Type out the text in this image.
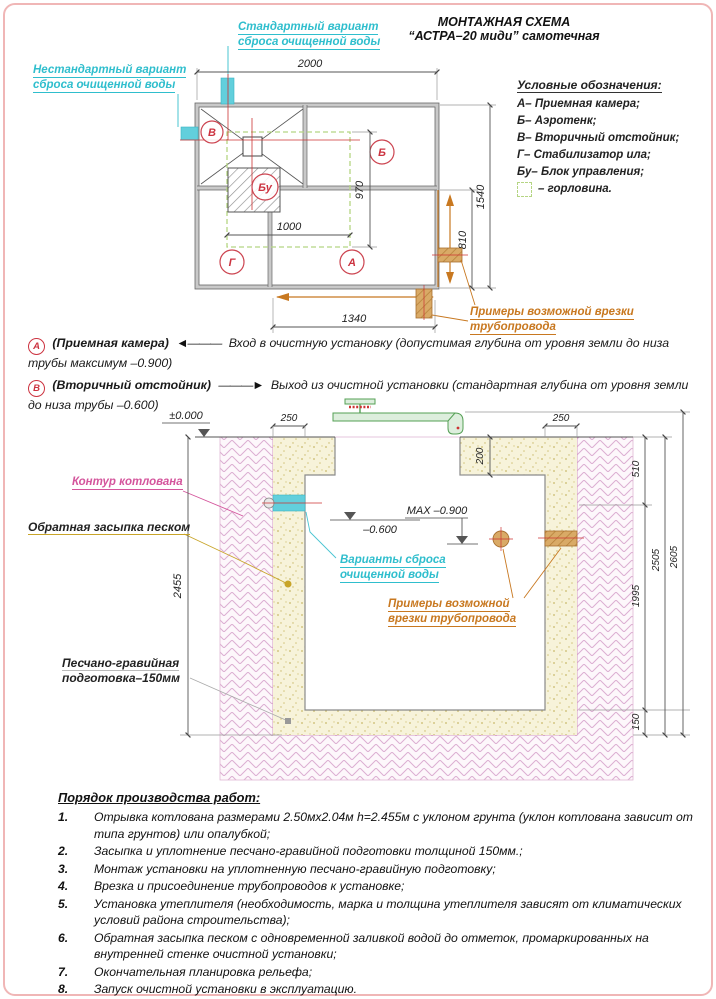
В
Б
Бу
Г	А
2000
970
1000
1540
810
1340
±0.000
–0.600
MAX –0.900
250
200
250
2455
510
1995
150
2505 2605
МОНТАЖНАЯ СХЕМА
“АСТРА–20 миди” самотечная
Стандартный вариант
сброса очищенной воды
Нестандартный вариант
сброса очищенной воды	Условные обозначения:
А– Приемная камера;
Б– Аэротенк;
В– Вторичный отстойник;
Г– Стабилизатор ила;
Бу– Блок управления;
– горловина.
Примеры возможной врезки
трубопровода
А (Приемная камера) ◄——— Вход в очистную установку (допустимая глубина от уровня земли до низа трубы максимум –0.900)
В (Вторичный отстойник) ———► Выход из очистной установки (стандартная глубина от уровня земли до низа трубы –0.600)
Контур котлована
Обратная засыпка песком
Варианты сброса
очищенной воды
Примеры возможной
врезки трубопровода
Песчано-гравийная
подготовка–150мм
Порядок производства работ:
1.	Отрывка котлована размерами 2.50мх2.04м h=2.455м с уклоном грунта (уклон котлована зависит от типа грунтов) или опалубкой;
2.	Засыпка и уплотнение песчано-гравийной подготовки толщиной 150мм.;
3.	Монтаж установки на уплотненную песчано-гравийную подготовку;
4.	Врезка и присоединение трубопроводов к установке;
5.	Установка утеплителя (необходимость, марка и толщина утеплителя зависят от климатических условий района строительства);
6.	Обратная засыпка песком с одновременной заливкой водой до отметок, промаркированных на внутренней стенке очистной установки;
7.	Окончательная планировка рельефа;
8.	Запуск очистной установки в эксплуатацию.
